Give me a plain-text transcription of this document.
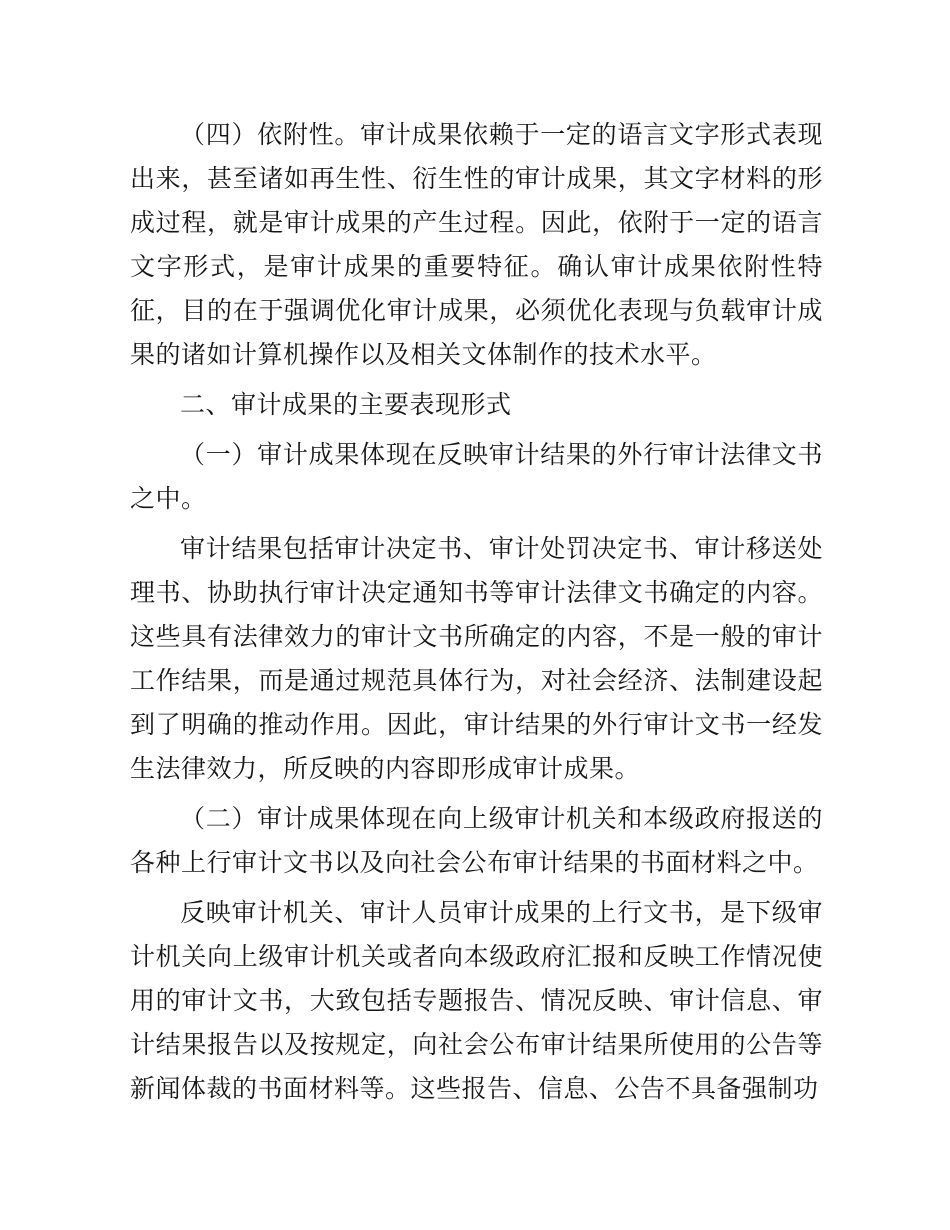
（四）依附性。审计成果依赖于一定的语言文字形式表现出来，甚至诸如再生性、衍生性的审计成果，其文字材料的形成过程，就是审计成果的产生过程。因此，依附于一定的语言文字形式，是审计成果的重要特征。确认审计成果依附性特征，目的在于强调优化审计成果，必须优化表现与负载审计成果的诸如计算机操作以及相关文体制作的技术水平。

二、审计成果的主要表现形式

（一）审计成果体现在反映审计结果的外行审计法律文书之中。

审计结果包括审计决定书、审计处罚决定书、审计移送处理书、协助执行审计决定通知书等审计法律文书确定的内容。这些具有法律效力的审计文书所确定的内容，不是一般的审计工作结果，而是通过规范具体行为，对社会经济、法制建设起到了明确的推动作用。因此，审计结果的外行审计文书一经发生法律效力，所反映的内容即形成审计成果。

（二）审计成果体现在向上级审计机关和本级政府报送的各种上行审计文书以及向社会公布审计结果的书面材料之中。

反映审计机关、审计人员审计成果的上行文书，是下级审计机关向上级审计机关或者向本级政府汇报和反映工作情况使用的审计文书，大致包括专题报告、情况反映、审计信息、审计结果报告以及按规定，向社会公布审计结果所使用的公告等新闻体裁的书面材料等。这些报告、信息、公告不具备强制功
